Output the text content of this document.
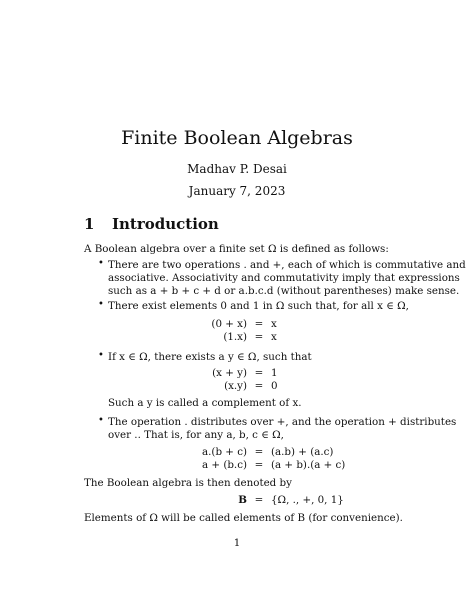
Finite Boolean Algebras
Madhav P. Desai
January 7, 2023
1 Introduction
A Boolean algebra over a finite set Ω is defined as follows:
• There are two operations . and +, each of which is commutative and
associative. Associativity and commutativity imply that expressions
such as a + b + c + d or a.b.c.d (without parentheses) make sense.
• There exist elements 0 and 1 in Ω such that, for all x ∈ Ω,
(0 + x) = x
(1.x) = x
• If x ∈ Ω, there exists a y ∈ Ω, such that
(x + y) = 1
(x.y) = 0
Such a y is called a complement of x.
• The operation . distributes over +, and the operation + distributes
over .. That is, for any a, b, c ∈ Ω,
a.(b + c) = (a.b) + (a.c)
a + (b.c) = (a + b).(a + c)
The Boolean algebra is then denoted by
B = {Ω, ., +, 0, 1}
Elements of Ω will be called elements of B (for convenience).
1
